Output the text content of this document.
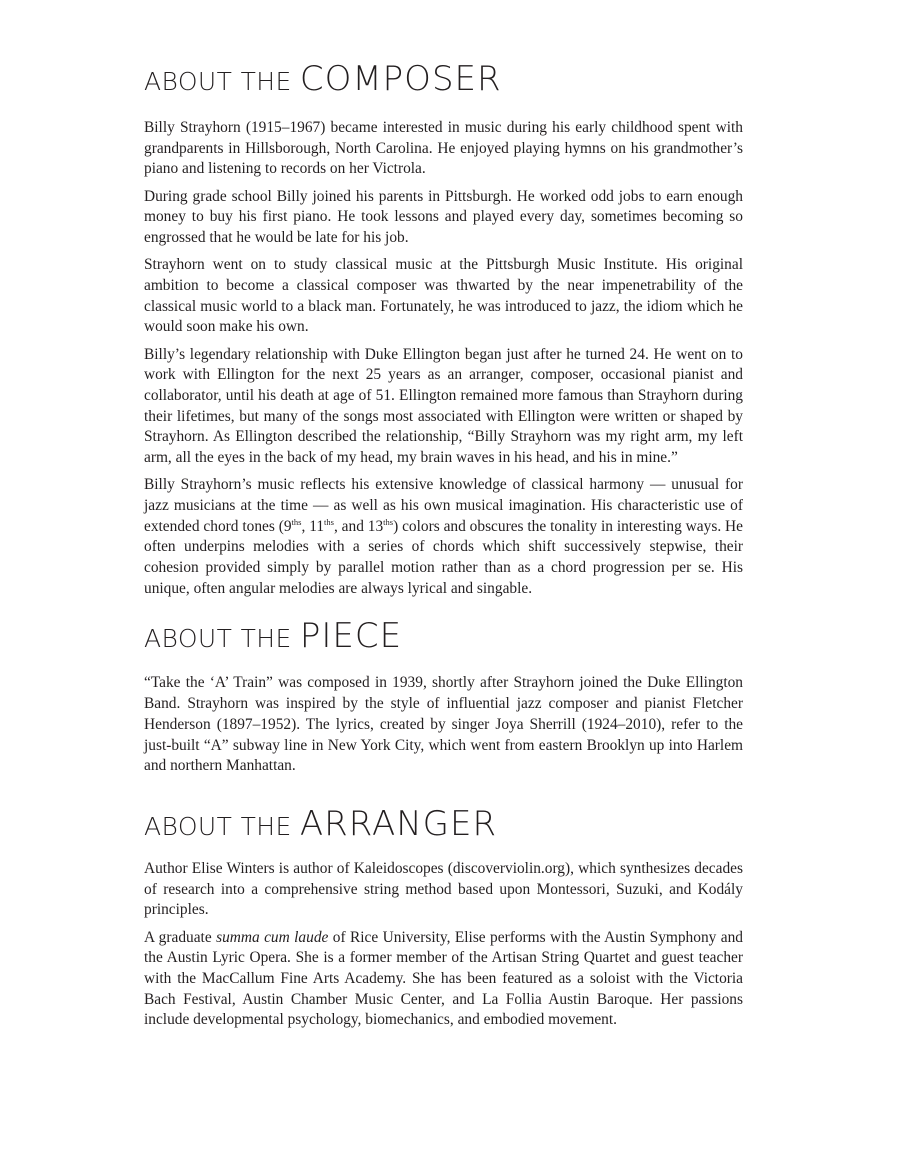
ABOUT THE COMPOSER

Billy Strayhorn (1915–1967) became interested in music during his early childhood spent with grandparents in Hillsborough, North Carolina. He enjoyed playing hymns on his grandmother’s piano and listening to records on her Victrola.

During grade school Billy joined his parents in Pittsburgh. He worked odd jobs to earn enough money to buy his first piano. He took lessons and played every day, sometimes becoming so engrossed that he would be late for his job.

Strayhorn went on to study classical music at the Pittsburgh Music Institute. His original ambition to become a classical composer was thwarted by the near impenetrability of the classical music world to a black man. Fortunately, he was introduced to jazz, the idiom which he would soon make his own.

Billy’s legendary relationship with Duke Ellington began just after he turned 24. He went on to work with Ellington for the next 25 years as an arranger, composer, occasional pianist and collaborator, until his death at age of 51. Ellington remained more famous than Strayhorn during their lifetimes, but many of the songs most associated with Ellington were written or shaped by Strayhorn. As Ellington described the relationship, “Billy Strayhorn was my right arm, my left arm, all the eyes in the back of my head, my brain waves in his head, and his in mine.”

Billy Strayhorn’s music reflects his extensive knowledge of classical harmony — unusual for jazz musicians at the time — as well as his own musical imagination. His characteristic use of extended chord tones ($9^{ths}$, $11^{ths}$, and $13^{ths}$) colors and obscures the tonality in interesting ways. He often underpins melodies with a series of chords which shift successively stepwise, their cohesion provided simply by parallel motion rather than as a chord progression per se. His unique, often angular melodies are always lyrical and singable.

ABOUT THE PIECE

“Take the ‘A’ Train” was composed in 1939, shortly after Strayhorn joined the Duke Ellington Band. Strayhorn was inspired by the style of influential jazz composer and pianist Fletcher Henderson (1897–1952). The lyrics, created by singer Joya Sherrill (1924–2010), refer to the just-built “A” subway line in New York City, which went from eastern Brooklyn up into Harlem and northern Manhattan.

ABOUT THE ARRANGER

Author Elise Winters is author of Kaleidoscopes (discoverviolin.org), which synthesizes decades of research into a comprehensive string method based upon Montessori, Suzuki, and Kodály principles.

A graduate summa cum laude of Rice University, Elise performs with the Austin Symphony and the Austin Lyric Opera. She is a former member of the Artisan String Quartet and guest teacher with the MacCallum Fine Arts Academy. She has been featured as a soloist with the Victoria Bach Festival, Austin Chamber Music Center, and La Follia Austin Baroque. Her passions include developmental psychology, biomechanics, and embodied movement.
